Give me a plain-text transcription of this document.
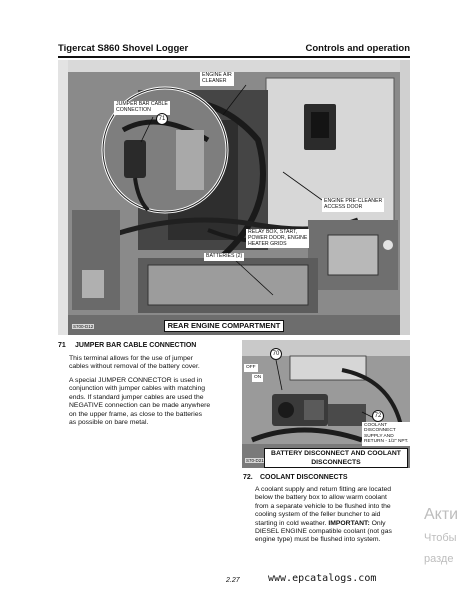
Tigercat S860 Shovel Logger	Controls and operation
ENGINE AIR
CLEANER
JUMPER BAR CABLE
CONNECTION
71
ENGINE PRE-CLEANER
ACCESS DOOR
RELAY BOX, START,
POWER DOOR, ENGINE
HEATER GRIDS
BATTERIES (2)
S700-D12	REAR ENGINE COMPARTMENT
71 JUMPER BAR CABLE CONNECTION
This terminal allows for the use of jumper
cables without removal of the battery cover.
A special JUMPER CONNECTOR is used in
conjunction with jumper cables with matching
ends. If standard jumper cables are used the
NEGATIVE connection can be made anywhere
on the upper frame, as close to the batteries
as possible on bare metal.
70
OFF
ON
72
COOLANT
DISCONNECT
SUPPLY AND
RETURN - 1/2" NPT.
S70-D21
BATTERY DISCONNECT AND COOLANT
DISCONNECTS
72. COOLANT DISCONNECTS
A coolant supply and return fitting are located
below the battery box to allow warm coolant
from a separate vehicle to be flushed into the
cooling system of the feller buncher to aid
starting in cold weather. IMPORTANT: Only
DIESEL ENGINE compatible coolant (not gas
engine type) must be flushed into system.
Акти
Чтобы
разде
2.27	www.epcatalogs.com
